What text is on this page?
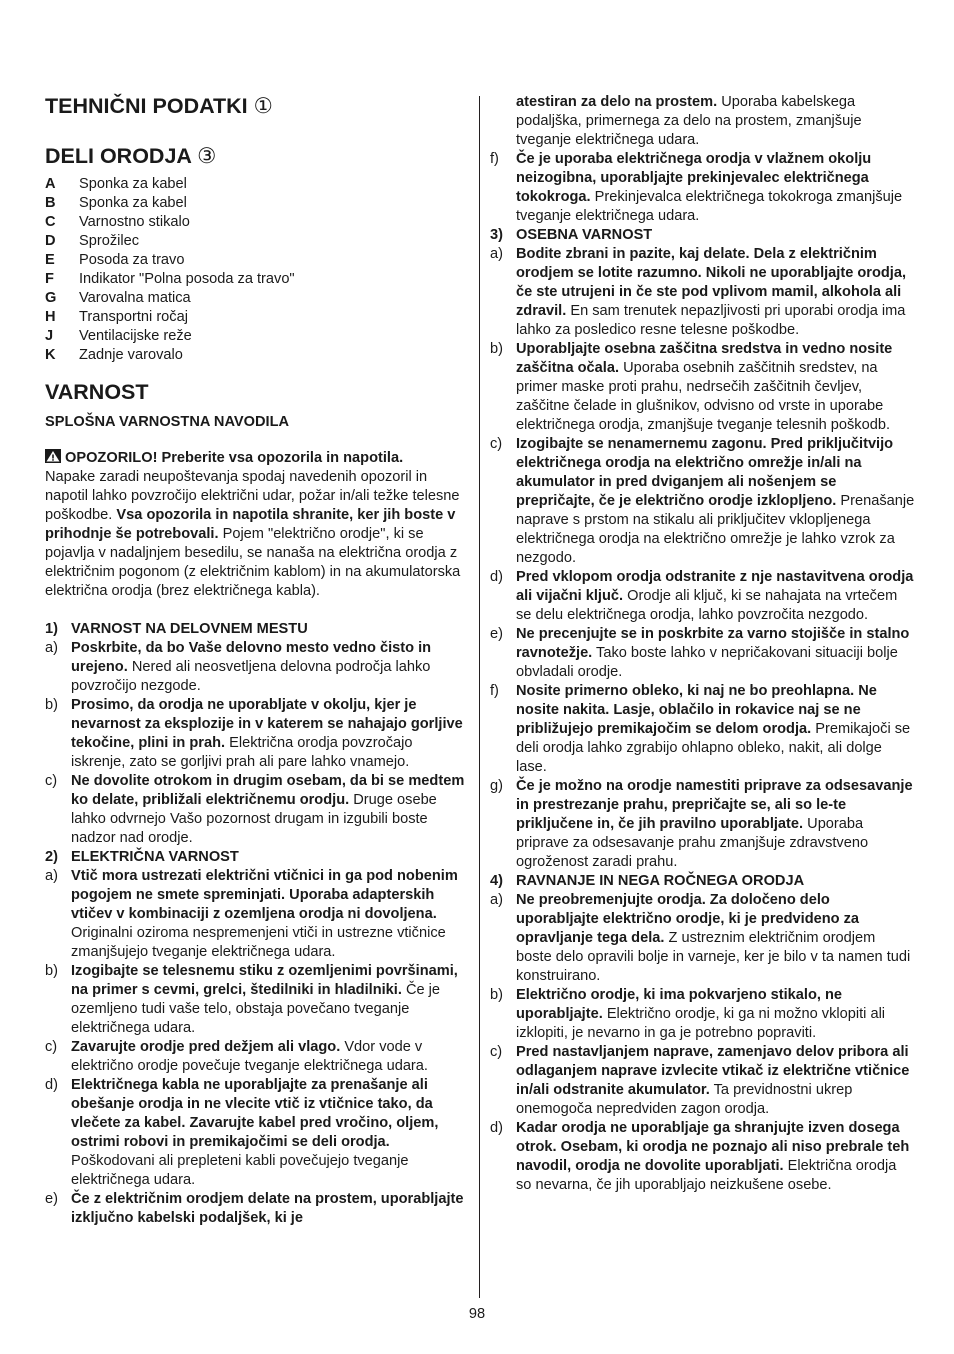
TEHNIČNI PODATKI ①

DELI ORODJA ③

A	Sponka za kabel
B	Sponka za kabel
C	Varnostno stikalo
D	Sprožilec
E	Posoda za travo
F	Indikator "Polna posoda za travo"
G	Varovalna matica
H	Transportni ročaj
J	Ventilacijske reže
K	Zadnje varovalo

VARNOST

SPLOŠNA VARNOSTNA NAVODILA
OPOZORILO! Preberite vsa opozorila in napotila.
Napake zaradi neupoštevanja spodaj navedenih opozoril in napotil lahko povzročijo električni udar, požar in/ali težke telesne poškodbe. Vsa opozorila in napotila shranite, ker jih boste v prihodnje še potrebovali. Pojem "električno orodje", ki se pojavlja v nadaljnjem besedilu, se nanaša na električna orodja z električnim pogonom (z električnim kablom) in na akumulatorska električna orodja (brez električnega kabla).
1) VARNOST NA DELOVNEM MESTU
a) Poskrbite, da bo Vaše delovno mesto vedno čisto in urejeno. Nered ali neosvetljena delovna področja lahko povzročijo nezgode.
b) Prosimo, da orodja ne uporabljate v okolju, kjer je nevarnost za eksplozije in v katerem se nahajajo gorljive tekočine, plini in prah. Električna orodja povzročajo iskrenje, zato se gorljivi prah ali pare lahko vnamejo.
c) Ne dovolite otrokom in drugim osebam, da bi se medtem ko delate, približali električnemu orodju. Druge osebe lahko odvrnejo Vašo pozornost drugam in izgubili boste nadzor nad orodje.
2) ELEKTRIČNA VARNOST
a) Vtič mora ustrezati električni vtičnici in ga pod nobenim pogojem ne smete spreminjati. Uporaba adapterskih vtičev v kombinaciji z ozemljena orodja ni dovoljena. Originalni oziroma nespremenjeni vtiči in ustrezne vtičnice zmanjšujejo tveganje električnega udara.
b) Izogibajte se telesnemu stiku z ozemljenimi površinami, na primer s cevmi, grelci, štedilniki in hladilniki. Če je ozemljeno tudi vaše telo, obstaja povečano tveganje električnega udara.
c) Zavarujte orodje pred dežjem ali vlago. Vdor vode v električno orodje povečuje tveganje električnega udara.
d) Električnega kabla ne uporabljajte za prenašanje ali obešanje orodja in ne vlecite vtič iz vtičnice tako, da vlečete za kabel. Zavarujte kabel pred vročino, oljem, ostrimi robovi in premikajočimi se deli orodja. Poškodovani ali prepleteni kabli povečujejo tveganje električnega udara.
e) Če z električnim orodjem delate na prostem, uporabljajte izključno kabelski podaljšek, ki je
atestiran za delo na prostem. Uporaba kabelskega podaljška, primernega za delo na prostem, zmanjšuje tveganje električnega udara.
f)	Če je uporaba električnega orodja v vlažnem okolju neizogibna, uporabljajte prekinjevalec električnega tokokroga. Prekinjevalca električnega tokokroga zmanjšuje tveganje električnega udara.
3) OSEBNA VARNOST
a) Bodite zbrani in pazite, kaj delate. Dela z električnim orodjem se lotite razumno. Nikoli ne uporabljajte orodja, če ste utrujeni in če ste pod vplivom mamil, alkohola ali zdravil. En sam trenutek nepazljivosti pri uporabi orodja ima lahko za posledico resne telesne poškodbe.
b) Uporabljajte osebna zaščitna sredstva in vedno nosite zaščitna očala. Uporaba osebnih zaščitnih sredstev, na primer maske proti prahu, nedrsečih zaščitnih čevljev, zaščitne čelade in glušnikov, odvisno od vrste in uporabe električnega orodja, zmanjšuje tveganje telesnih poškodb.
c) Izogibajte se nenamernemu zagonu. Pred priključitvijo električnega orodja na električno omrežje in/ali na akumulator in pred dviganjem ali nošenjem se prepričajte, če je električno orodje izklopljeno. Prenašanje naprave s prstom na stikalu ali priključitev vklopljenega električnega orodja na električno omrežje je lahko vzrok za nezgodo.
d) Pred vklopom orodja odstranite z nje nastavitvena orodja ali vijačni ključ. Orodje ali ključ, ki se nahajata na vrtečem se delu električnega orodja, lahko povzročita nezgodo.
e) Ne precenjujte se in poskrbite za varno stojišče in stalno ravnotežje. Tako boste lahko v nepričakovani situaciji bolje obvladali orodje.
f)	Nosite primerno obleko, ki naj ne bo preohlapna. Ne nosite nakita. Lasje, oblačilo in rokavice naj se ne približujejo premikajočim se delom orodja. Premikajoči se deli orodja lahko zgrabijo ohlapno obleko, nakit, ali dolge lase.
g) Če je možno na orodje namestiti priprave za odsesavanje in prestrezanje prahu, prepričajte se, ali so le-te priključene in, če jih pravilno uporabljate. Uporaba priprave za odsesavanje prahu zmanjšuje zdravstveno ogroženost zaradi prahu.
4) RAVNANJE IN NEGA ROČNEGA ORODJA
a) Ne preobremenjujte orodja. Za določeno delo uporabljajte električno orodje, ki je predvideno za opravljanje tega dela. Z ustreznim električnim orodjem boste delo opravili bolje in varneje, ker je bilo v ta namen tudi konstruirano.
b) Električno orodje, ki ima pokvarjeno stikalo, ne uporabljajte. Električno orodje, ki ga ni možno vklopiti ali izklopiti, je nevarno in ga je potrebno popraviti.
c) Pred nastavljanjem naprave, zamenjavo delov pribora ali odlaganjem naprave izvlecite vtikač iz električne vtičnice in/ali odstranite akumulator. Ta previdnostni ukrep onemogoča nepredviden zagon orodja.
d) Kadar orodja ne uporabljaje ga shranjujte izven dosega otrok. Osebam, ki orodja ne poznajo ali niso prebrale teh navodil, orodja ne dovolite uporabljati. Električna orodja so nevarna, če jih uporabljajo neizkušene osebe.
98
